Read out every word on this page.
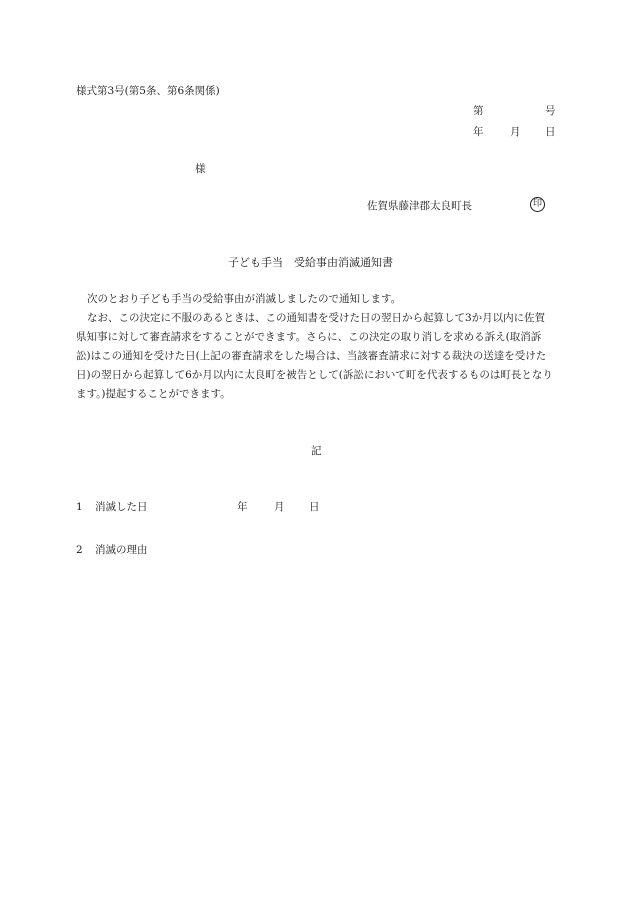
様式第3号(第5条、第6条関係)
第	号
年	月 日
様
佐賀県藤津郡太良町長	印
子ども手当　受給事由消滅通知書

次のとおり子ども手当の受給事由が消滅しましたので通知します。

なお、この決定に不服のあるときは、この通知書を受けた日の翌日から起算して3か月以内に佐賀県知事に対して審査請求をすることができます。さらに、この決定の取り消しを求める訴え(取消訴訟)はこの通知を受けた日(上記の審査請求をした場合は、当該審査請求に対する裁決の送達を受けた日)の翌日から起算して6か月以内に太良町を被告として(訴訟において町を代表するものは町長となります。)提起することができます。

記
1 消滅した日	年	月 日
2 消滅の理由
